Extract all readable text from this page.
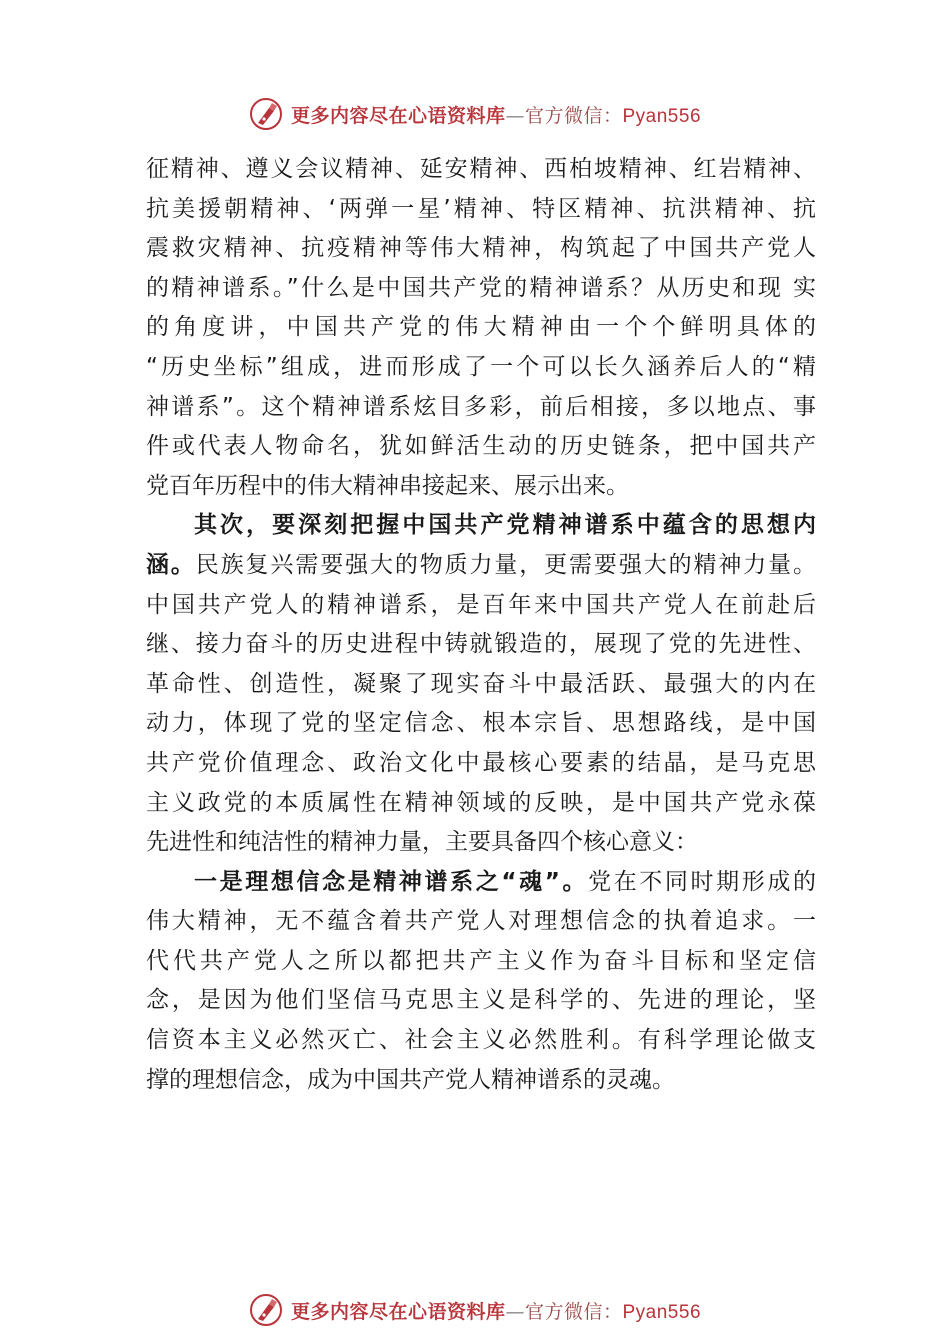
更多内容尽在心语资料库—官方微信：Pyan556
征精神、遵义会议精神、延安精神、西柏坡精神、红岩精神、
抗美援朝精神、‘两弹一星’精神、特区精神、抗洪精神、抗
震救灾精神、抗疫精神等伟大精神，构筑起了中国共产党人
的精神谱系。”什么是中国共产党的精神谱系？从历史和现 实
的角度讲，中国共产党的伟大精神由一个个鲜明具体的
“历史坐标”组成，进而形成了一个可以长久涵养后人的“精
神谱系”。这个精神谱系炫目多彩，前后相接，多以地点、事
件或代表人物命名，犹如鲜活生动的历史链条，把中国共产
党百年历程中的伟大精神串接起来、展示出来。
其次，要深刻把握中国共产党精神谱系中蕴含的思想内
涵。民族复兴需要强大的物质力量，更需要强大的精神力量。
中国共产党人的精神谱系，是百年来中国共产党人在前赴后
继、接力奋斗的历史进程中铸就锻造的，展现了党的先进性、
革命性、创造性，凝聚了现实奋斗中最活跃、最强大的内在
动力，体现了党的坚定信念、根本宗旨、思想路线，是中国
共产党价值理念、政治文化中最核心要素的结晶，是马克思
主义政党的本质属性在精神领域的反映，是中国共产党永葆
先进性和纯洁性的精神力量，主要具备四个核心意义：
一是理想信念是精神谱系之“魂”。党在不同时期形成的
伟大精神，无不蕴含着共产党人对理想信念的执着追求。一
代代共产党人之所以都把共产主义作为奋斗目标和坚定信
念，是因为他们坚信马克思主义是科学的、先进的理论，坚
信资本主义必然灭亡、社会主义必然胜利。有科学理论做支
撑的理想信念，成为中国共产党人精神谱系的灵魂。
更多内容尽在心语资料库—官方微信：Pyan556
